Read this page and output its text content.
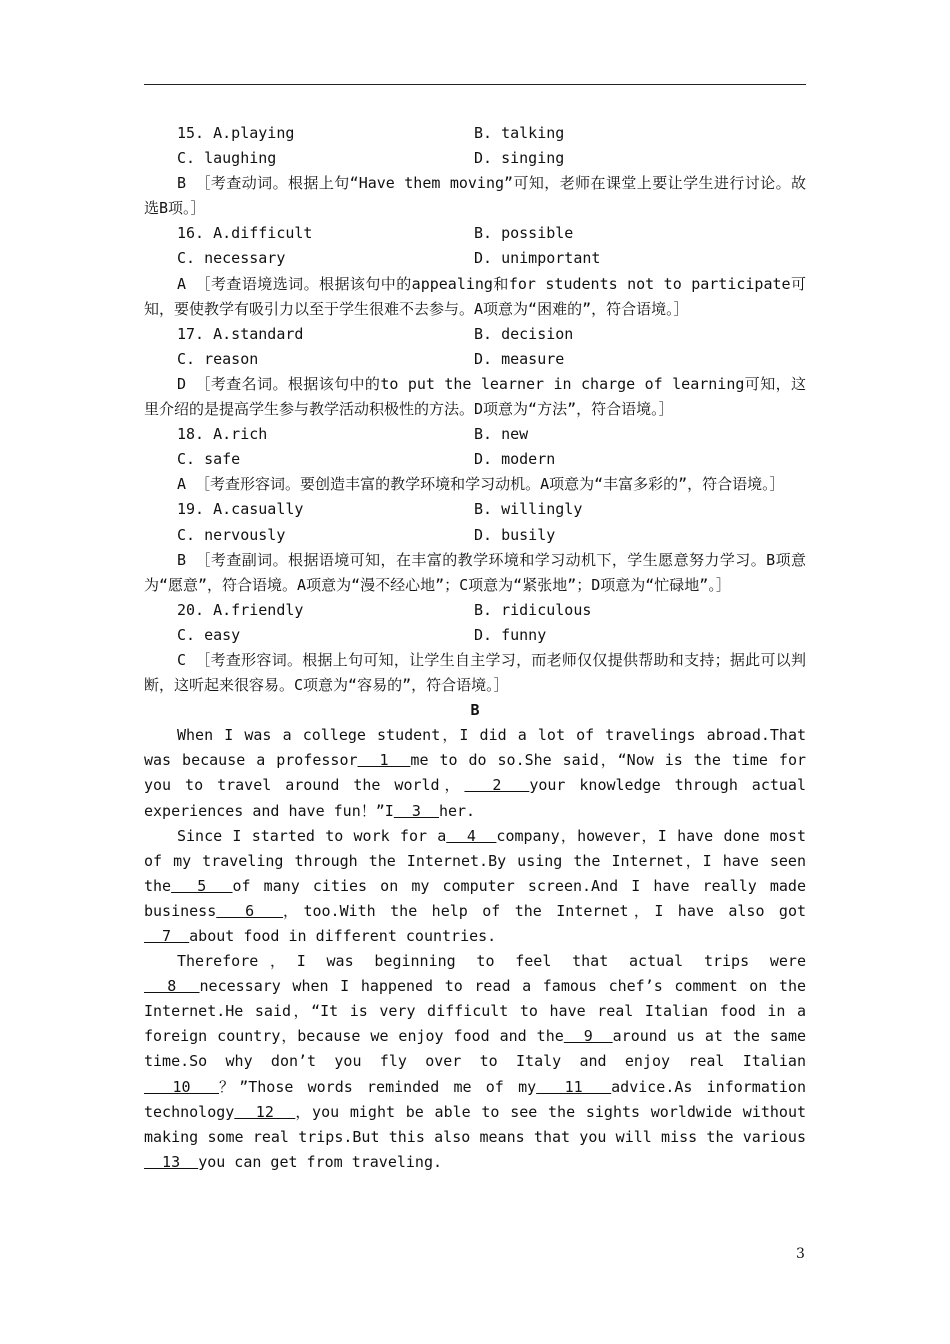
15. A.playing	B. talking
C. laughing	D. singing
B ［考查动词。根据上句“Have them moving”可知，老师在课堂上要让学生进行讨论。故选B项。］
16. A.difficult	B. possible
C. necessary	D. unimportant
A ［考查语境选词。根据该句中的appealing和for students not to participate可知，要使教学有吸引力以至于学生很难不去参与。A项意为“困难的”，符合语境。］
17. A.standard	B. decision
C. reason	D. measure
D ［考查名词。根据该句中的to put the learner in charge of learning可知，这里介绍的是提高学生参与教学活动积极性的方法。D项意为“方法”，符合语境。］
18. A.rich	B. new
C. safe	D. modern
A ［考查形容词。要创造丰富的教学环境和学习动机。A项意为“丰富多彩的”，符合语境。］
19. A.casually	B. willingly
C. nervously	D. busily
B ［考查副词。根据语境可知，在丰富的教学环境和学习动机下，学生愿意努力学习。B项意为“愿意”，符合语境。A项意为“漫不经心地”；C项意为“紧张地”；D项意为“忙碌地”。］
20. A.friendly	B. ridiculous
C. easy	D. funny
C ［考查形容词。根据上句可知，让学生自主学习，而老师仅仅提供帮助和支持；据此可以判断，这听起来很容易。C项意为“容易的”，符合语境。］
B
When I was a college student，I did a lot of travelings abroad.That was because a professor  1  me to do so.She said，“Now is the time for you to travel around the world，  2  your knowledge through actual experiences and have fun！”I  3  her.
Since I started to work for a  4  company，however，I have done most of my traveling through the Internet.By using the Internet，I have seen the  5  of many cities on my computer screen.And I have really made business  6  ，too.With the help of the Internet，I have also got  7  about food in different countries.
Therefore，I was beginning to feel that actual trips were  8  necessary when I happened to read a famous chef’s comment on the Internet.He said，“It is very difficult to have real Italian food in a foreign country，because we enjoy food and the  9  around us at the same time.So why don’t you fly over to Italy and enjoy real Italian  10  ？”Those words reminded me of my  11  advice.As information technology  12  ，you might be able to see the sights worldwide without making some real trips.But this also means that you will miss the various  13  you can get from traveling.
3
